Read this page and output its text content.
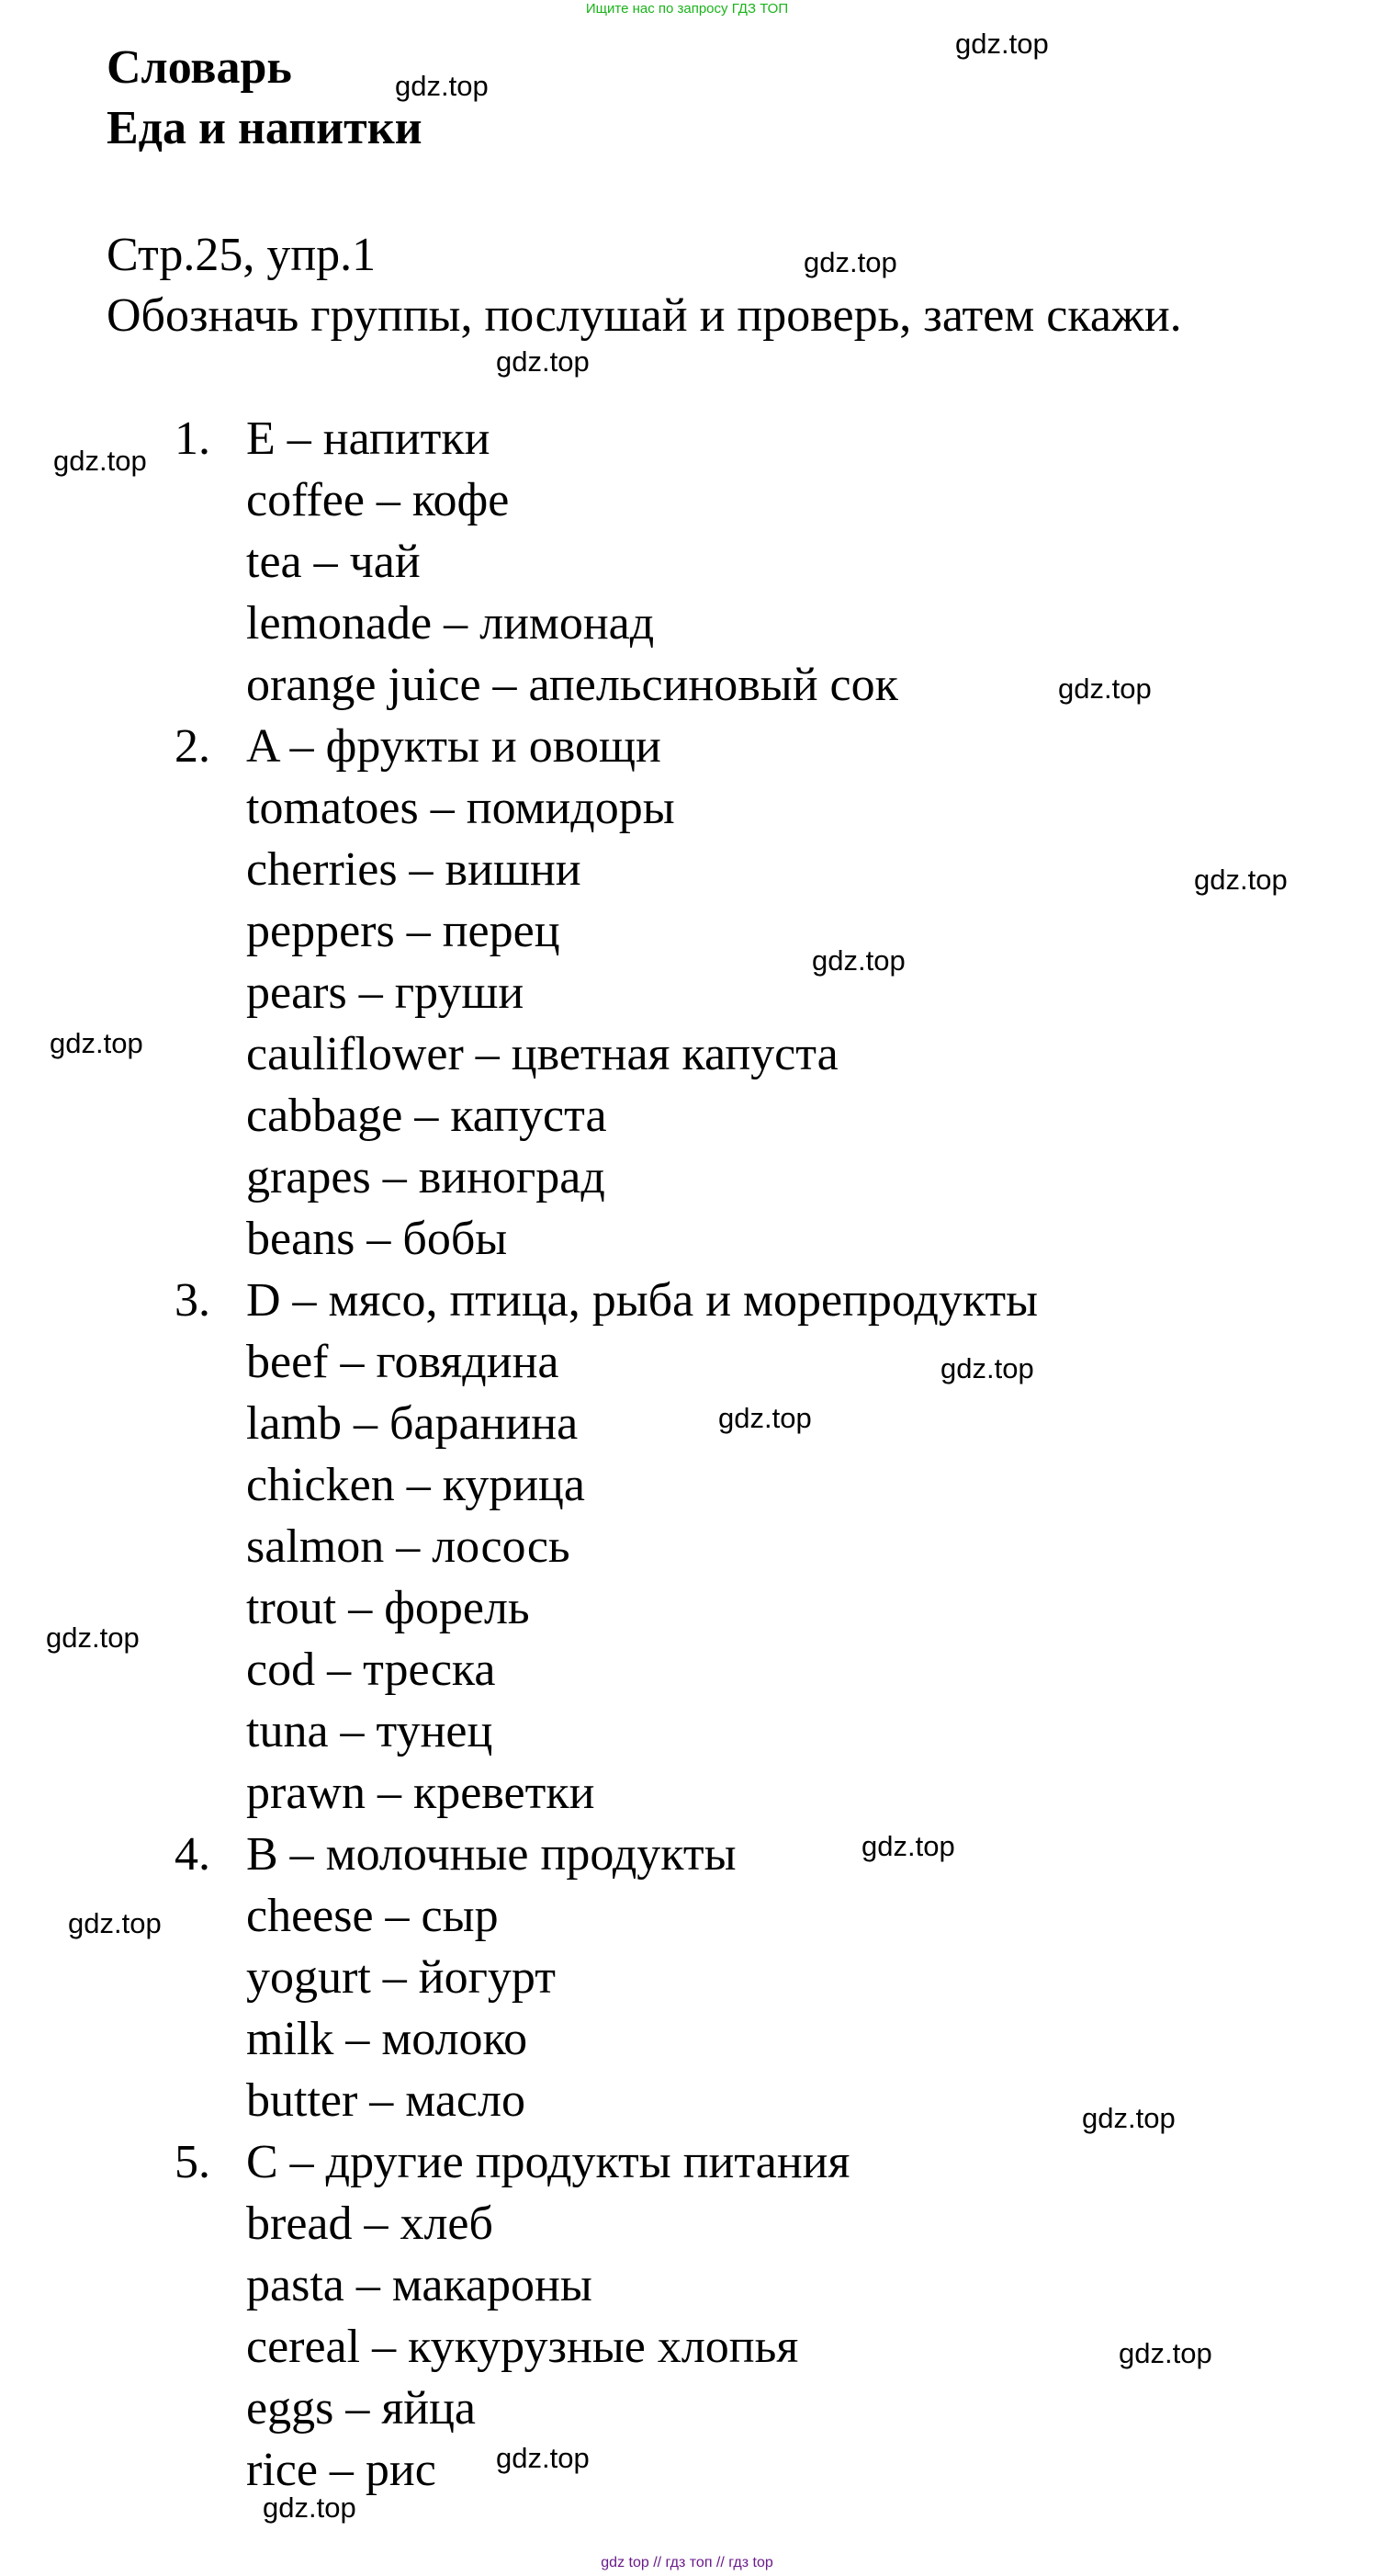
Ищите нас по запросу ГДЗ ТОП
Словарь
Еда и напитки
Стр.25, упр.1
Обозначь группы, послушай и проверь, затем скажи.
1. E – напитки
coffee – кофе
tea – чай
lemonade – лимонад
orange juice – апельсиновый сок
2. A – фрукты и овощи
tomatoes – помидоры
cherries – вишни
peppers – перец
pears – груши
cauliflower – цветная капуста
cabbage – капуста
grapes – виноград
beans – бобы
3. D – мясо, птица, рыба и морепродукты
beef – говядина
lamb – баранина
chicken – курица
salmon – лосось
trout – форель
cod – треска
tuna – тунец
prawn – креветки
4. B – молочные продукты
cheese – сыр
yogurt – йогурт
milk – молоко
butter – масло
5. C – другие продукты питания
bread – хлеб
pasta – макароны
cereal – кукурузные хлопья
eggs – яйца
rice – рис
gdz.top
gdz.top
gdz.top
gdz.top
gdz.top
gdz.top
gdz.top
gdz.top
gdz.top
gdz.top
gdz.top
gdz.top
gdz.top
gdz.top
gdz.top
gdz.top
gdz.top
gdz.top
gdz top // гдз топ // гдз top
